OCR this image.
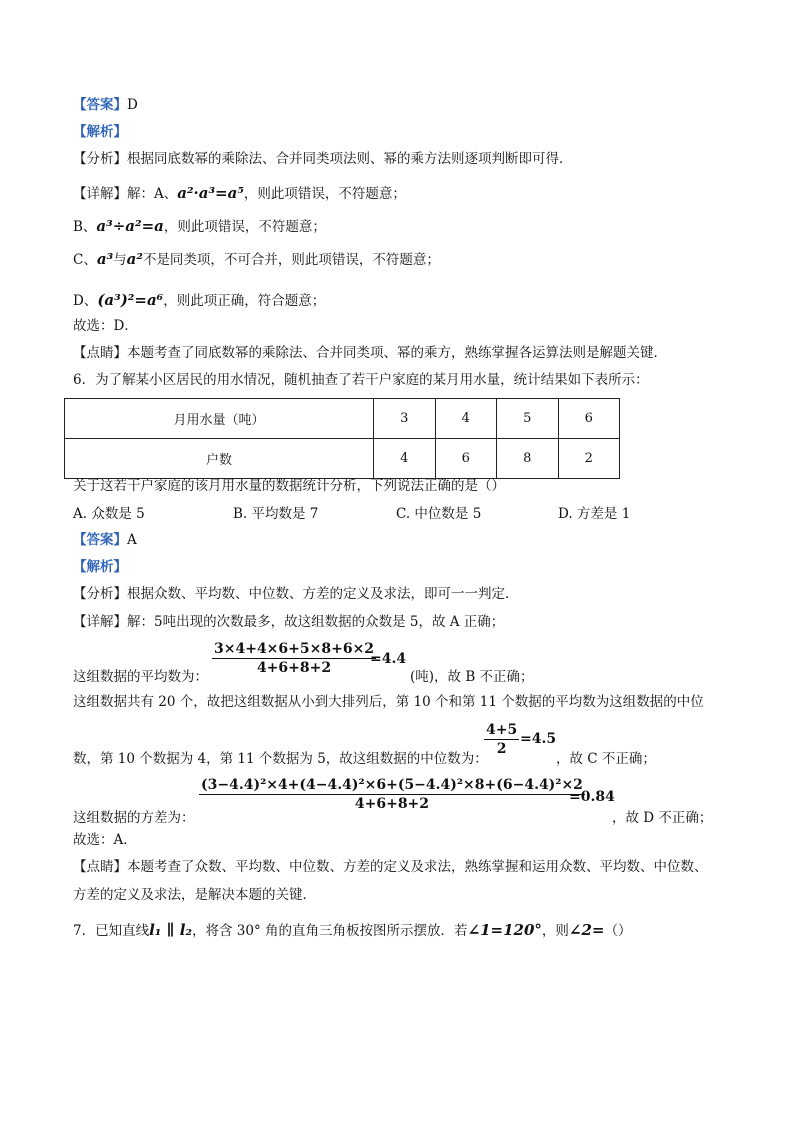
【答案】D
【解析】
【分析】根据同底数幂的乘除法、合并同类项法则、幂的乘方法则逐项判断即可得．
【详解】解：A、a²·a³=a⁵，则此项错误，不符题意；
B、a³÷a²=a，则此项错误，不符题意；
C、a³与a²不是同类项，不可合并，则此项错误，不符题意；
D、(a³)²=a⁶，则此项正确，符合题意；
故选：D．
【点睛】本题考查了同底数幂的乘除法、合并同类项、幂的乘方，熟练掌握各运算法则是解题关键．
6．为了解某小区居民的用水情况，随机抽查了若干户家庭的某月用水量，统计结果如下表所示：
月用水量（吨）	3	4	5	6
户数	4	6	8	2
关于这若干户家庭的该月用水量的数据统计分析，下列说法正确的是（）
A. 众数是 5	B. 平均数是 7	C. 中位数是 5	D. 方差是 1
【答案】A
【解析】
【分析】根据众数、平均数、中位数、方差的定义及求法，即可一一判定．
【详解】解：5吨出现的次数最多，故这组数据的众数是 5，故 A 正确；
这组数据的平均数为：
$\frac{3\times 4+4\times 6+5\times 8+6\times 2}{4+6+8+2}$
=4.4
(吨)，故 B 不正确；
这组数据共有 20 个，故把这组数据从小到大排列后，第 10 个和第 11 个数据的平均数为这组数据的中位
数，第 10 个数据为 4，第 11 个数据为 5，故这组数据的中位数为：
$\frac{4+5}{2} =4.5$
，故 C 不正确；
这组数据的方差为：
$\frac{\text{(3−4.4)²×4+(4−4.4)²×6+(5−4.4)²×8+(6−4.4)²×2}}{4+6+8+2}$
=0.84
，故 D 不正确；
故选：A．
【点睛】本题考查了众数、平均数、中位数、方差的定义及求法，熟练掌握和运用众数、平均数、中位数、
方差的定义及求法，是解决本题的关键．
7．已知直线l₁ ∥ l₂，将含 30° 角的直角三角板按图所示摆放．若∠1=120°，则∠2=（）
